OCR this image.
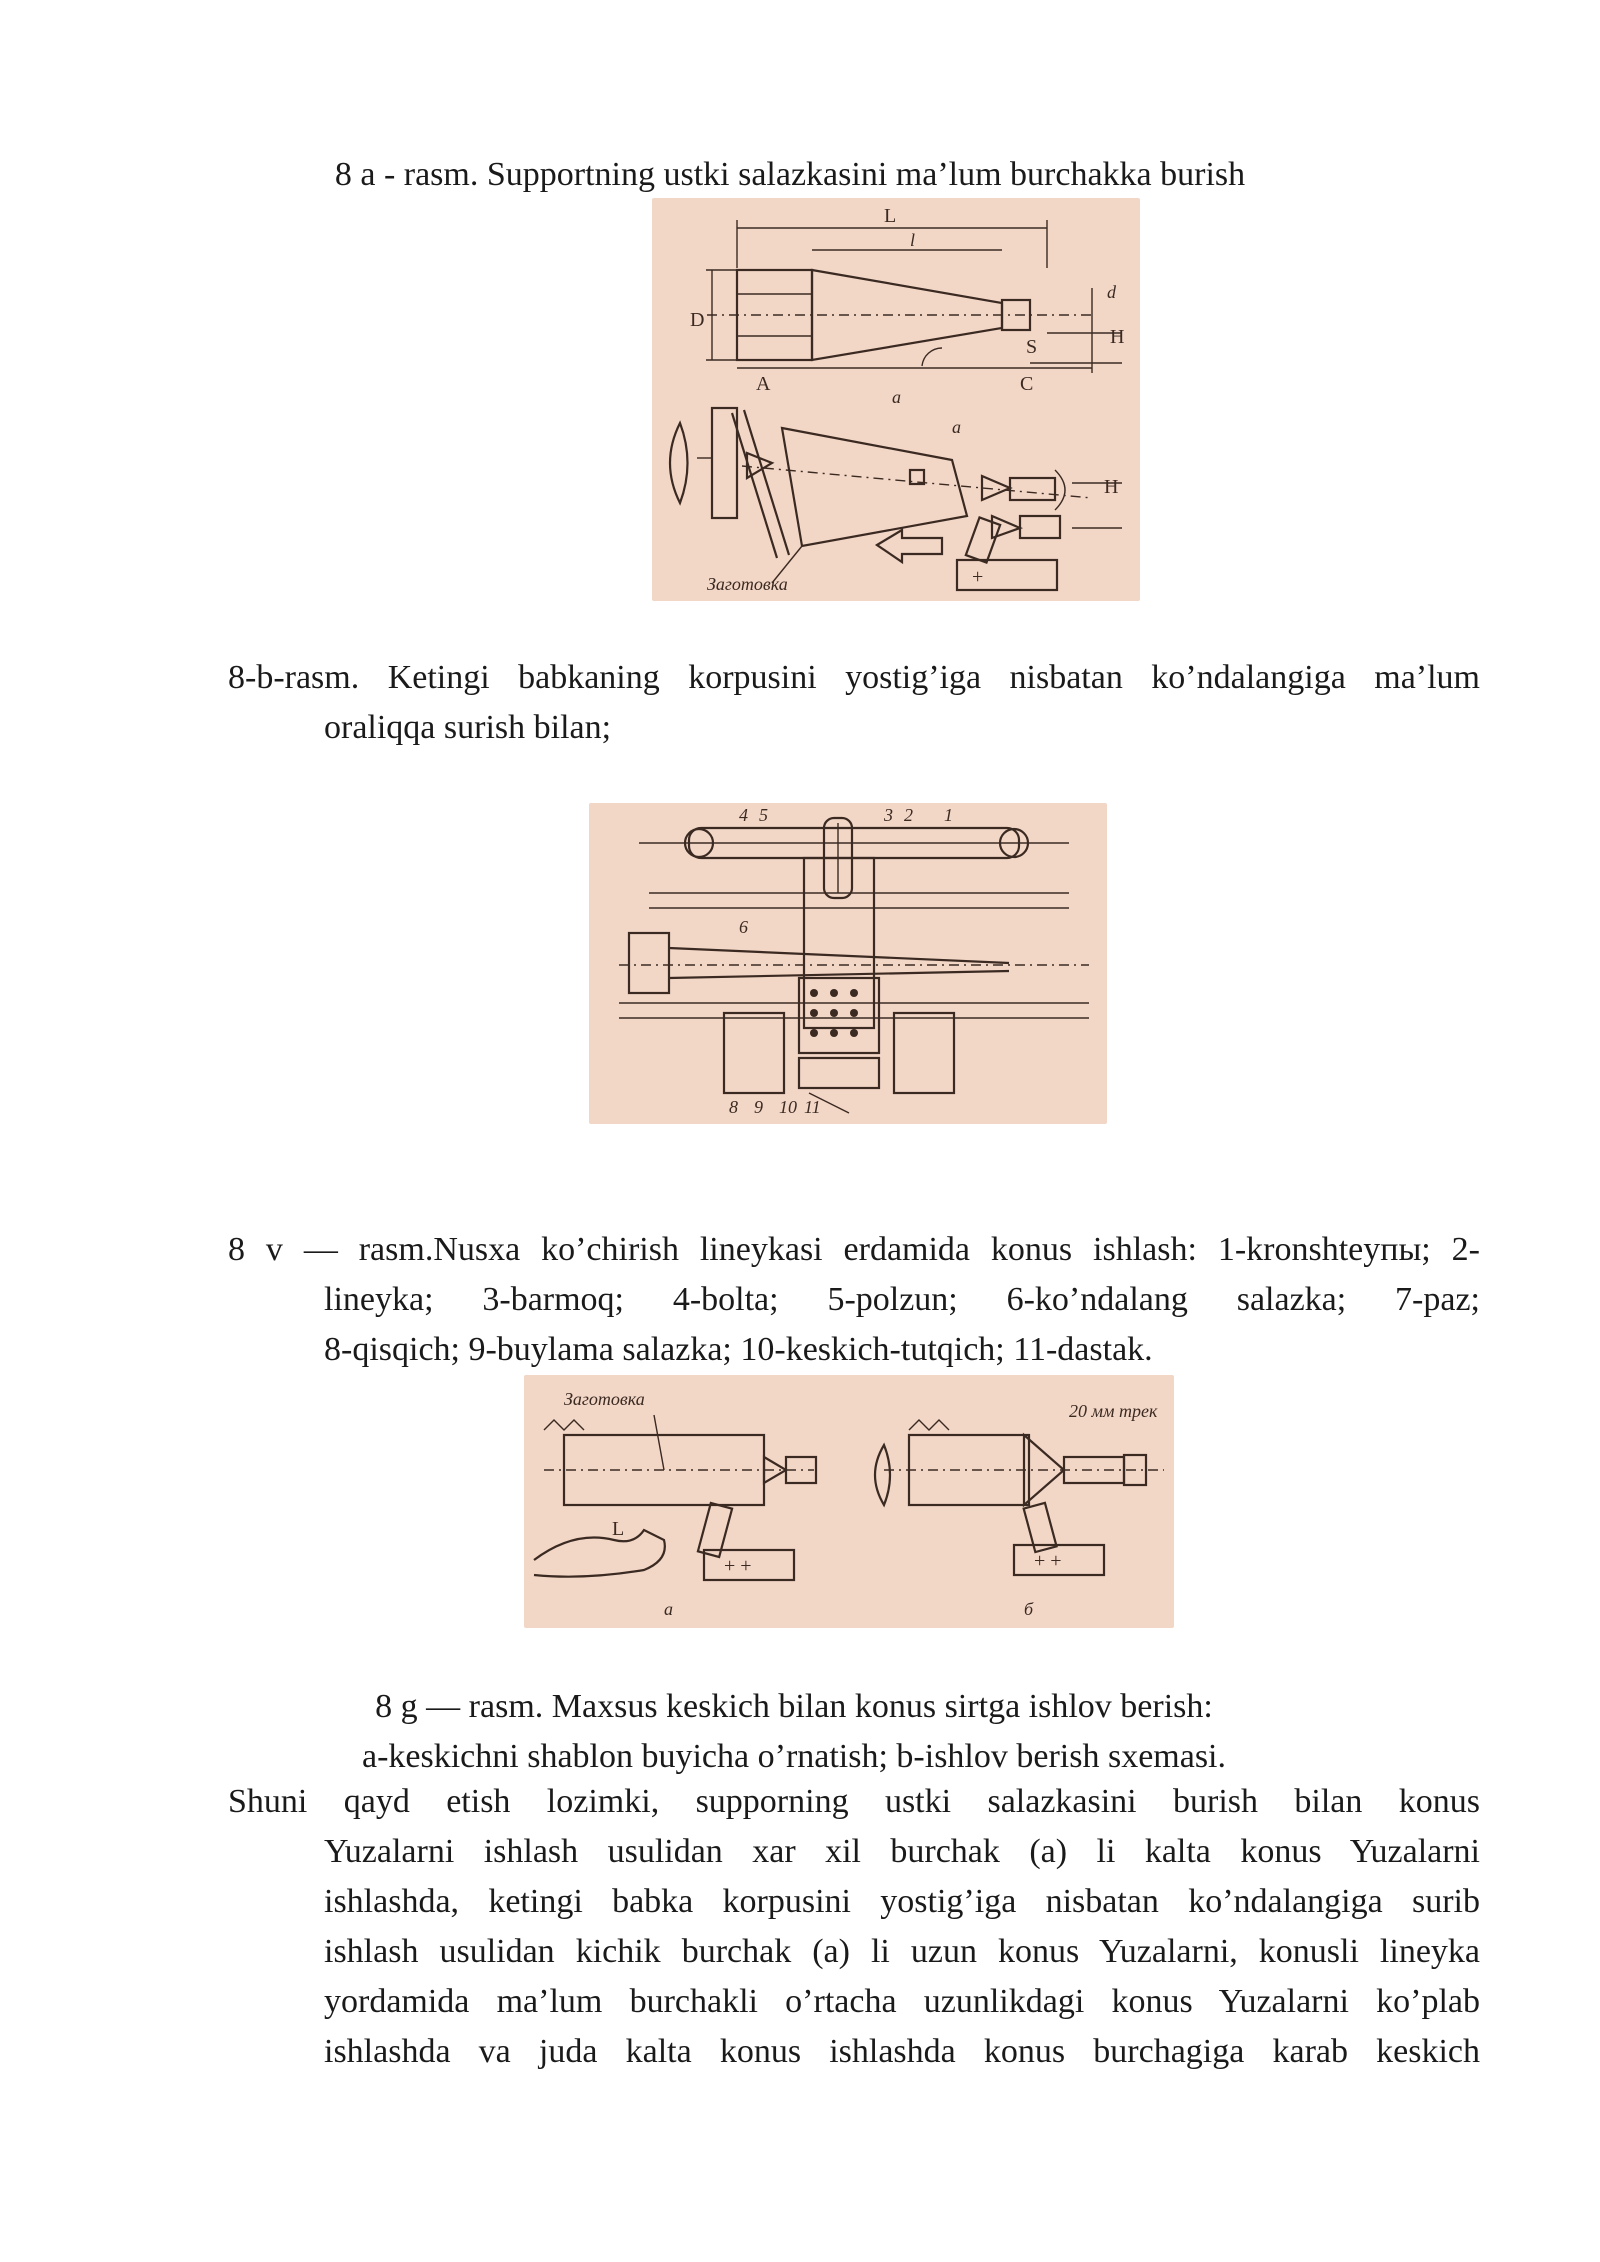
8 a - rasm. Supportning ustki salazkasini ma’lum burchakka burish
L
l
D
d
H
S
A	C
a
a
H
+
Заготовка
8-b-rasm. Ketingi babkaning korpusini yostig’iga nisbatan ko’ndalangiga ma’lum
oraliqqa surish bilan;
4 5	3 2 1
6
8 9 10 11
8 v — rasm.Nusxa ko’chirish lineykasi erdamida konus ishlash: 1-kronshteупы; 2-
lineyka; 3-barmoq; 4-bolta; 5-polzun; 6-ko’ndalang salazka; 7-paz;
8-qisqich; 9-buylama salazka; 10-keskich-tutqich; 11-dastak.
Заготовка
L
+ +
a
20 мм трек
+ +
б
8 g — rasm. Maxsus keskich bilan konus sirtga ishlov berish:
a-keskichni shablon buyicha o’rnatish; b-ishlov berish sxemasi.
Shuni qayd etish lozimki, supporning ustki salazkasini burish bilan konus
Yuzalarni ishlash usulidan xar xil burchak (a) li kalta konus Yuzalarni
ishlashda, ketingi babka korpusini yostig’iga nisbatan ko’ndalangiga surib
ishlash usulidan kichik burchak (a) li uzun konus Yuzalarni, konusli lineyka
yordamida ma’lum burchakli o’rtacha uzunlikdagi konus Yuzalarni ko’plab
ishlashda va juda kalta konus ishlashda konus burchagiga karab keskich
